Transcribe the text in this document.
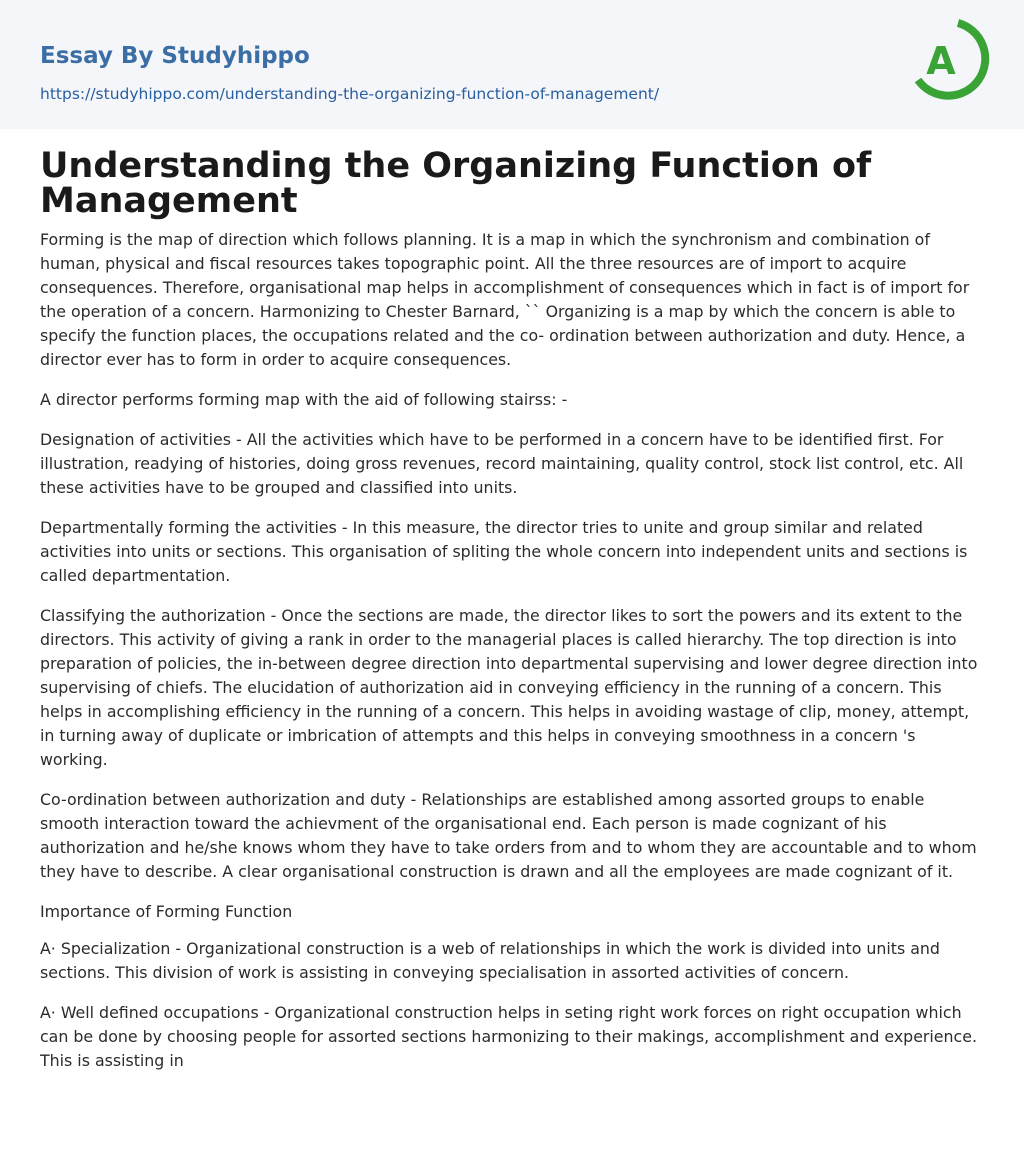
Essay By Studyhippo
https://studyhippo.com/understanding-the-organizing-function-of-management/
A
Understanding the Organizing Function of Management

Forming is the map of direction which follows planning. It is a map in which the synchronism and combination of human, physical and fiscal resources takes topographic point. All the three resources are of import to acquire consequences. Therefore, organisational map helps in accomplishment of consequences which in fact is of import for the operation of a concern. Harmonizing to Chester Barnard, `` Organizing is a map by which the concern is able to specify the function places, the occupations related and the co- ordination between authorization and duty. Hence, a director ever has to form in order to acquire consequences.

A director performs forming map with the aid of following stairss: -

Designation of activities - All the activities which have to be performed in a concern have to be identified first. For illustration, readying of histories, doing gross revenues, record maintaining, quality control, stock list control, etc. All these activities have to be grouped and classified into units.

Departmentally forming the activities - In this measure, the director tries to unite and group similar and related activities into units or sections. This organisation of spliting the whole concern into independent units and sections is called departmentation.

Classifying the authorization - Once the sections are made, the director likes to sort the powers and its extent to the directors. This activity of giving a rank in order to the managerial places is called hierarchy. The top direction is into preparation of policies, the in-between degree direction into departmental supervising and lower degree direction into supervising of chiefs. The elucidation of authorization aid in conveying efficiency in the running of a concern. This helps in accomplishing efficiency in the running of a concern. This helps in avoiding wastage of clip, money, attempt, in turning away of duplicate or imbrication of attempts and this helps in conveying smoothness in a concern 's working.

Co-ordination between authorization and duty - Relationships are established among assorted groups to enable smooth interaction toward the achievment of the organisational end. Each person is made cognizant of his authorization and he/she knows whom they have to take orders from and to whom they are accountable and to whom they have to describe. A clear organisational construction is drawn and all the employees are made cognizant of it.

Importance of Forming Function

A· Specialization - Organizational construction is a web of relationships in which the work is divided into units and sections. This division of work is assisting in conveying specialisation in assorted activities of concern.

A· Well defined occupations - Organizational construction helps in seting right work forces on right occupation which can be done by choosing people for assorted sections harmonizing to their makings, accomplishment and experience. This is assisting in
